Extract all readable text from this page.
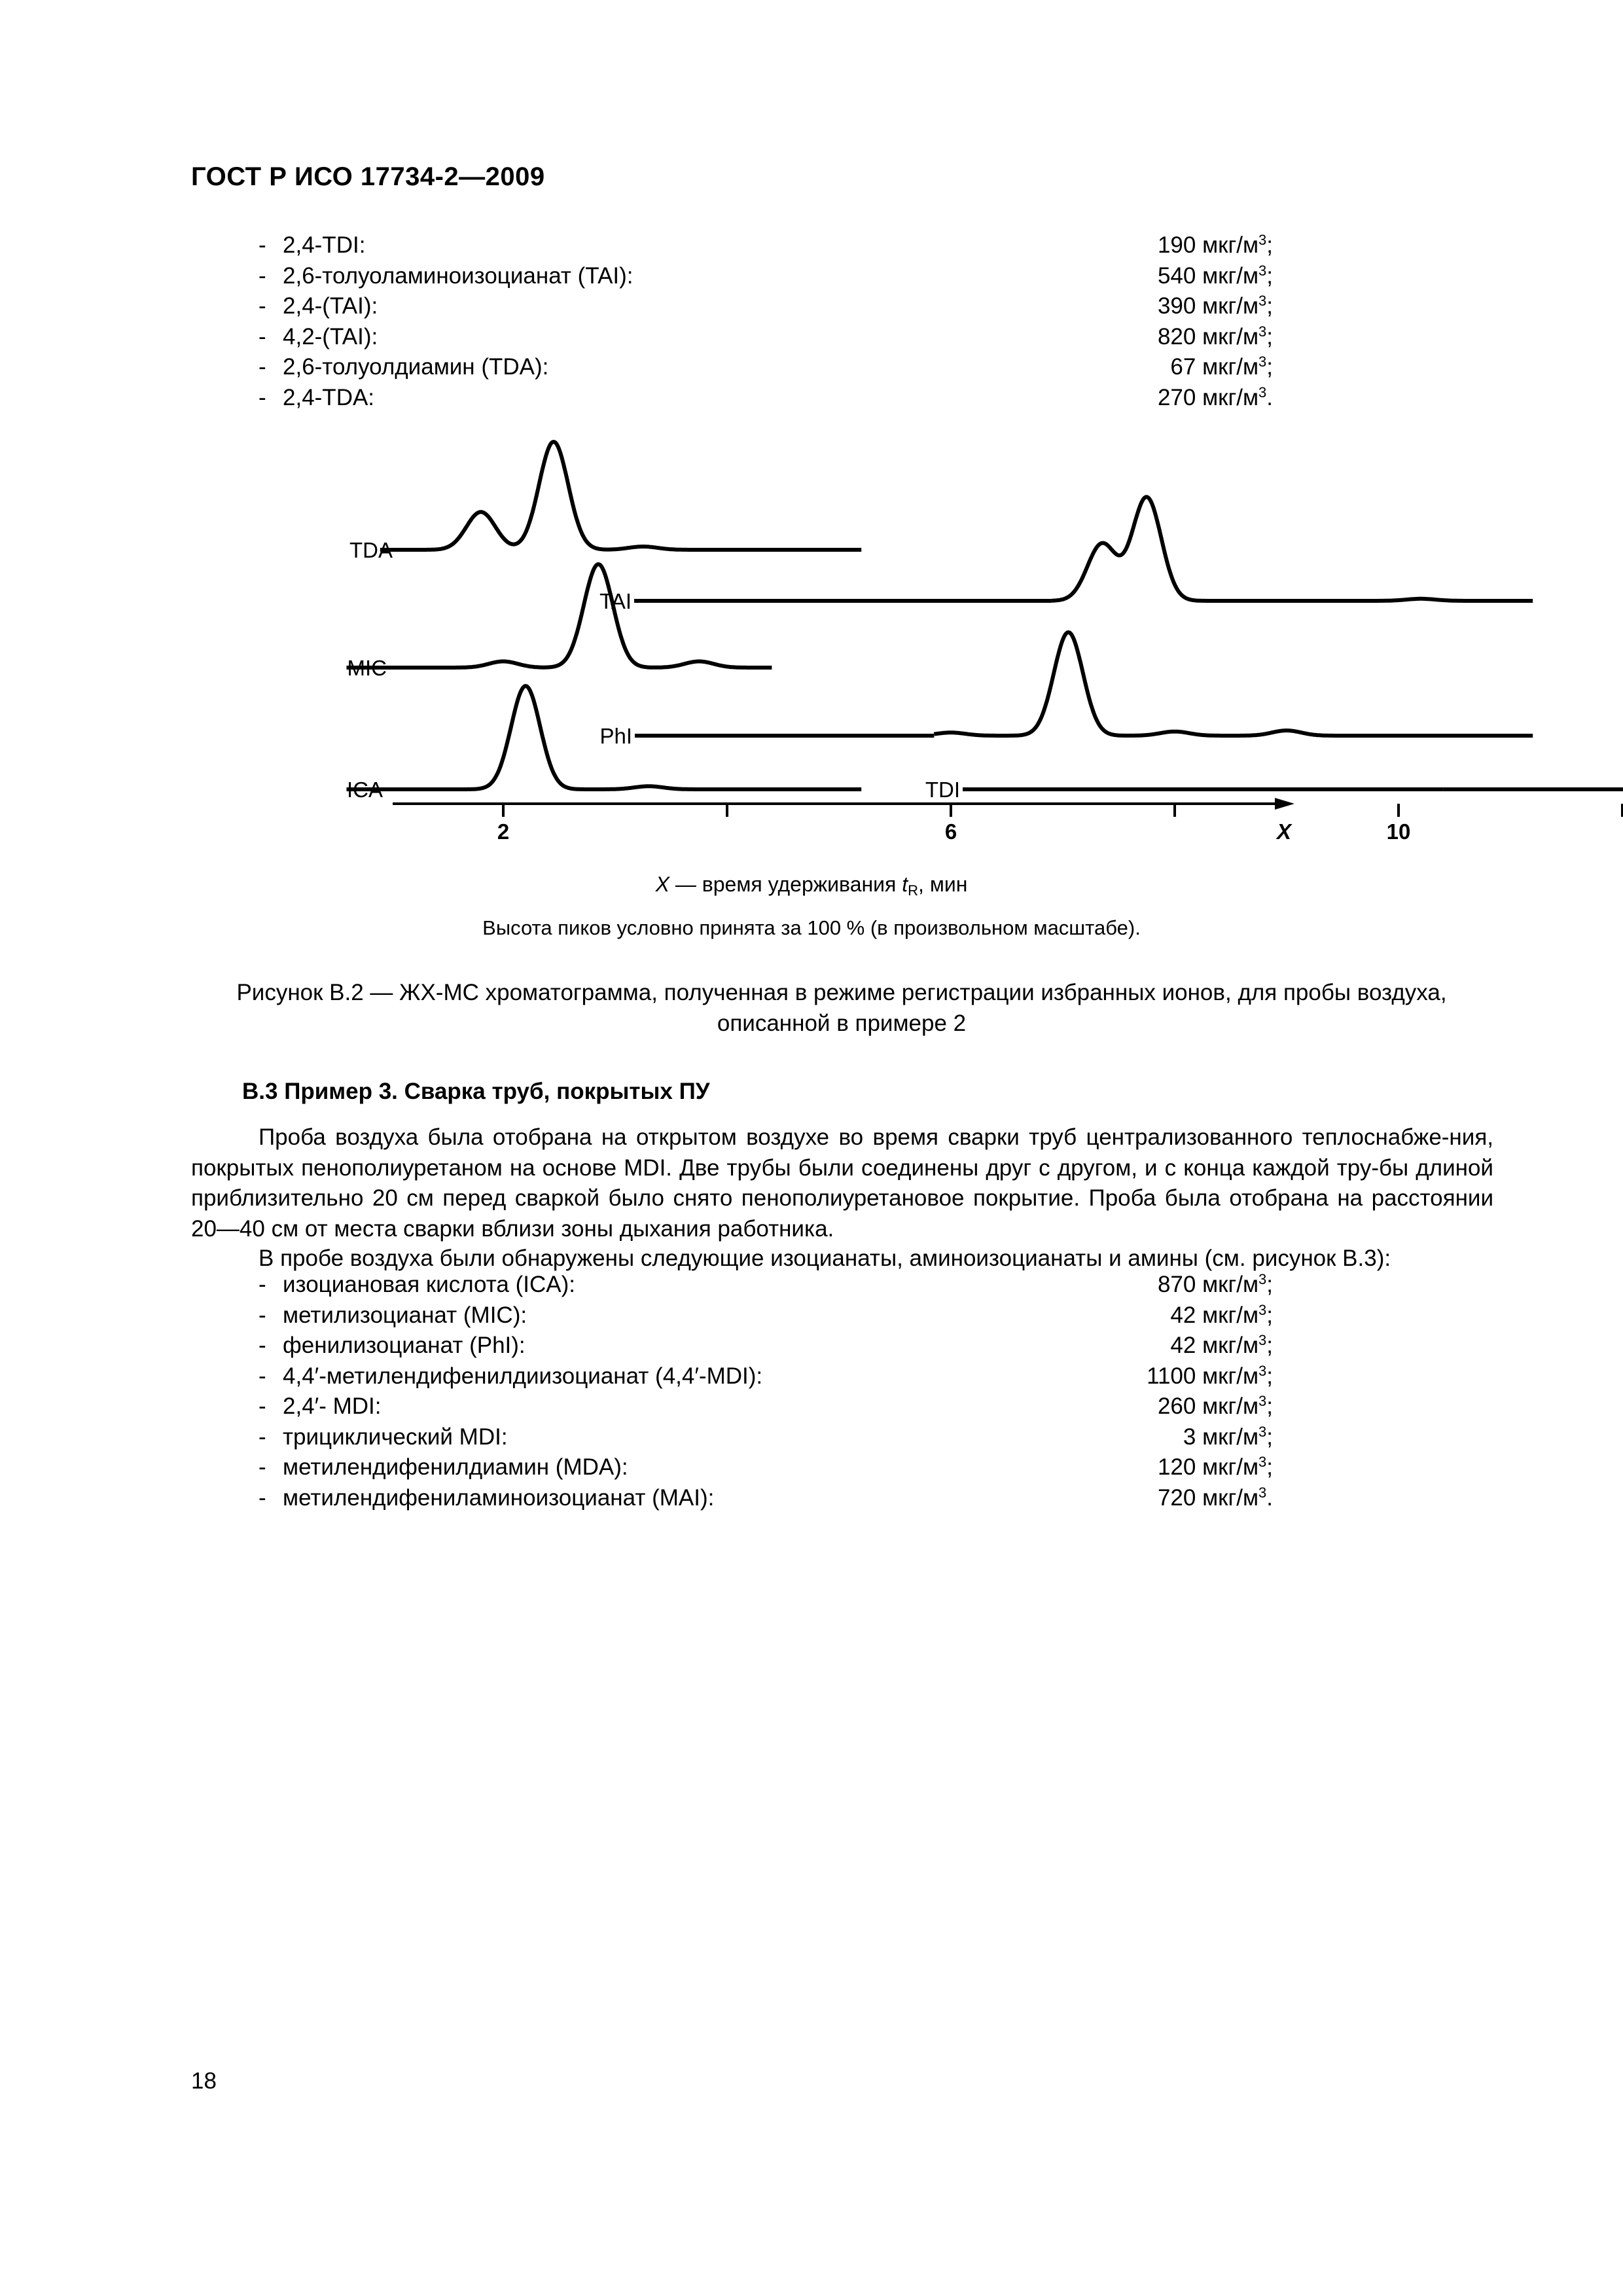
ГОСТ Р ИСО 17734-2—2009
- 2,4-TDI:	190 мкг/$м^3$;
- 2,6-толуоламиноизоцианат (TAI):	540 мкг/$м^3$;
- 2,4-(TAI):	390 мкг/$м^3$;
- 4,2-(TAI):	820 мкг/$м^3$;
- 2,6-толуолдиамин (TDA):	67 мкг/$м^3$;
- 2,4-TDA:	270 мкг/$м^3$.
TDA
TAI
MIC
PhI
ICA	TDI
2	6	10
X
X — время удерживания $t_R$, мин
Высота пиков условно принята за 100 % (в произвольном масштабе).
Рисунок В.2 — ЖХ-МС хроматограмма, полученная в режиме регистрации избранных ионов, для пробы воздуха,
описанной в примере 2
В.3 Пример 3. Сварка труб, покрытых ПУ
Проба воздуха была отобрана на открытом воздухе во время сварки труб централизованного теплоснабже-ния, покрытых пенополиуретаном на основе MDI. Две трубы были соединены друг с другом, и с конца каждой тру-бы длиной приблизительно 20 см перед сваркой было снято пенополиуретановое покрытие. Проба была отобрана на расстоянии 20—40 см от места сварки вблизи зоны дыхания работника.
В пробе воздуха были обнаружены следующие изоцианаты, аминоизоцианаты и амины (см. рисунок В.3):
- изоциановая кислота (ICA):	870 мкг/$м^3$;
- метилизоцианат (MIC):	42 мкг/$м^3$;
- фенилизоцианат (PhI):	42 мкг/$м^3$;
- 4,4′-метилендифенилдиизоцианат (4,4′-MDI):	1100 мкг/$м^3$;
- 2,4′- MDI:	260 мкг/$м^3$;
- трициклический MDI:	3 мкг/$м^3$;
- метилендифенилдиамин (MDA):	120 мкг/$м^3$;
- метилендифениламиноизоцианат (MAI):	720 мкг/$м^3$.
18
